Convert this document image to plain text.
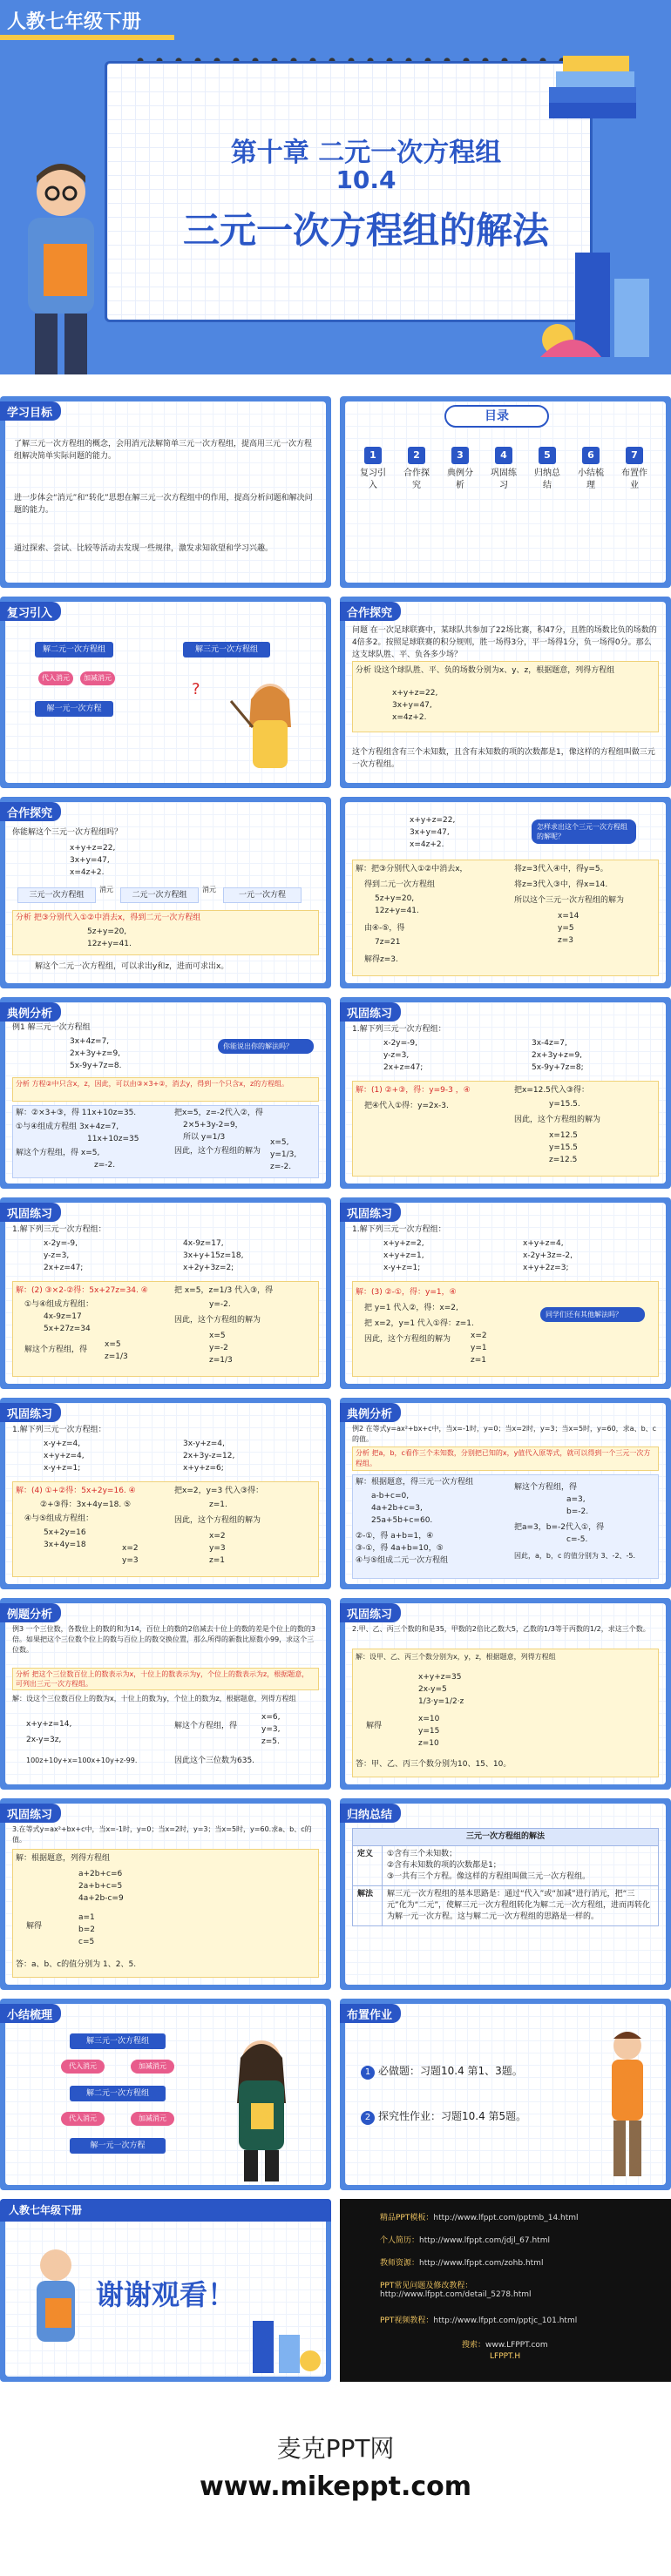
人教七年级下册
第十章 二元一次方程组
10.4
三元一次方程组的解法
学习目标
了解三元一次方程组的概念，会用消元法解简单三元一次方程组，提高用三元一次方程组解决简单实际问题的能力。
进一步体会“消元”和“转化”思想在解三元一次方程组中的作用，提高分析问题和解决问题的能力。
通过探索、尝试、比较等活动去发现一些规律，激发求知欲望和学习兴趣。
目录
1
复习引入
2
合作探究
3
典例分析
4
巩固练习
5
归纳总结
6
小结梳理
7
布置作业
复习引入
解二元一次方程组	解三元一次方程组
代入消元	加减消元
解一元一次方程
?
合作探究
问题 在一次足球联赛中，某球队共参加了22场比赛，积47分，且胜的场数比负的场数的4倍多2。按照足球联赛的积分规则，胜一场得3分，平一场得1分，负一场得0分。那么这支球队胜、平、负各多少场？
分析 设这个球队胜、平、负的场数分别为x、y、z，根据题意，列得方程组
x+y+z=22,
3x+y=47,
x=4z+2.
这个方程组含有三个未知数，且含有未知数的项的次数都是1，像这样的方程组叫做三元一次方程组。
合作探究
你能解这个三元一次方程组吗？
x+y+z=22,
3x+y=47,
x=4z+2.
三元一次方程组
消元
二元一次方程组
消元
一元一次方程
分析 把③分别代入①②中消去x，得到二元一次方程组
5z+y=20,
12z+y=41.
解这个二元一次方程组，可以求出y和z，进而可求出x。
x+y+z=22,
3x+y=47,
x=4z+2.
怎样求出这个三元一次方程组的解呢？
解：把③分别代入①②中消去x，
得到二元一次方程组
5z+y=20,
12z+y=41.
由④-⑤，得
7z=21
解得z=3.
将z=3代入④中，得y=5。
将z=3代入③中，得x=14.
所以这个三元一次方程组的解为
x=14
y=5
z=3
典例分析
例1 解三元一次方程组
3x+4z=7,
2x+3y+z=9,
5x-9y+7z=8.
你能说出你的解法吗？
分析 方程②中只含x，z，因此，可以由③×3+②，消去y，得到一个只含x，z的方程组。
解：②×3+③，得 11x+10z=35.
①与④组成方程组 3x+4z=7,
11x+10z=35
解这个方程组，得 x=5,
z=-2.
把x=5，z=-2代入②，得
2×5+3y-2=9，
所以 y=1/3
因此，这个方程组的解为
x=5,
y=1/3,
z=-2.
巩固练习
1.解下列三元一次方程组：
x-2y=-9,
y-z=3,
2x+z=47;
3x-4z=7,
2x+3y+z=9,
5x-9y+7z=8;
解：(1) ②+③，得：y=9-3 ，④
把④代入①得：y=2x-3.
把x=12.5代入③得：
y=15.5.
因此，这个方程组的解为
x=12.5
y=15.5
z=12.5
巩固练习
1.解下列三元一次方程组：
x-2y=-9,
y-z=3,
2x+z=47;
4x-9z=17,
3x+y+15z=18,
x+2y+3z=2;
解：(2) ③×2-②得：5x+27z=34. ④
①与④组成方程组：
4x-9z=17
5x+27z=34
解这个方程组，得
x=5
z=1/3
把 x=5，z=1/3 代入③，得
y=-2.
因此，这个方程组的解为
x=5
y=-2
z=1/3
巩固练习
1.解下列三元一次方程组：
x+y+z=2,
x+y+z=1,
x-y+z=1;
x+y+z=4,
x-2y+3z=-2,
x+y+2z=3;
解：(3) ②-①，得：y=1，④
把 y=1 代入②，得：x=2,
把 x=2，y=1 代入①得：z=1.
因此，这个方程组的解为	x=2
y=1
z=1
同学们还有其他解法吗？
巩固练习
1.解下列三元一次方程组：
x-y+z=4,
x+y+z=4,
x-y+z=1;
3x-y+z=4,
2x+3y-z=12,
x+y+z=6;
解：(4) ①+②得：5x+2y=16. ④
②+③得：3x+4y=18. ⑤
④与⑤组成方程组：
5x+2y=16
3x+4y=18	x=2
y=3
把x=2，y=3 代入③得：
z=1.
因此，这个方程组的解为
x=2
y=3
z=1
典例分析
例2 在等式y=ax²+bx+c中，当x=-1时，y=0；当x=2时，y=3；当x=5时，y=60，求a、b、c的值。
分析 把a，b，c看作三个未知数，分别把已知的x，y值代入原等式，就可以得到一个三元一次方程组。
解：根据题意，得三元一次方程组
a-b+c=0,
4a+2b+c=3,
25a+5b+c=60.
②-①，得 a+b=1，④
③-①，得 4a+b=10，⑤
④与⑤组成二元一次方程组
解这个方程组，得
a=3,
b=-2.
把a=3，b=-2代入①，得
c=-5.
因此，a，b，c 的值分别为 3、-2、-5.
例题分析
例3 一个三位数，各数位上的数的和为14，百位上的数的2倍减去十位上的数的差是个位上的数的3倍。如果把这个三位数个位上的数与百位上的数交换位置，那么所得的新数比原数小99，求这个三位数。
分析 把这个三位数百位上的数表示为x，十位上的数表示为y，个位上的数表示为z，根据题意，可列出三元一次方程组。
解：设这个三位数百位上的数为x，十位上的数为y，个位上的数为z，根据题意，列得方程组
x+y+z=14,
2x-y=3z,
100z+10y+x=100x+10y+z-99.
解这个方程组，得
x=6,
y=3,
z=5.
因此这个三位数为635.
巩固练习
2.甲、乙、丙三个数的和是35，甲数的2倍比乙数大5，乙数的1/3等于丙数的1/2，求这三个数。
解：设甲、乙、丙三个数分别为x，y，z，根据题意，列得方程组
x+y+z=35
2x-y=5
1/3·y=1/2·z
解得
x=10
y=15
z=10
答：甲、乙、丙三个数分别为10、15、10。
巩固练习
3.在等式y=ax²+bx+c中，当x=-1时，y=0；当x=2时，y=3；当x=5时，y=60.求a、b、c的值。
解：根据题意，列得方程组
a+2b+c=6
2a+b+c=5
4a+2b-c=9
解得
a=1
b=2
c=5
答：a、b、c的值分别为 1、2、5.
归纳总结
三元一次方程组的解法	
定义	①含有三个未知数；
②含有未知数的项的次数都是1；
③一共有三个方程。像这样的方程组叫做三元一次方程组。

解法	解三元一次方程组的基本思路是：通过“代入”或“加减”进行消元，把“三元”化为“二元”，使解三元一次方程组转化为解二元一次方程组，进而再转化为解一元一次方程。这与解二元一次方程组的思路是一样的。
小结梳理
解三元一次方程组
代入消元	加减消元
解二元一次方程组
代入消元	加减消元
解一元一次方程
布置作业
1 必做题：习题10.4 第1、3题。
2 探究性作业：习题10.4 第5题。
人教七年级下册
谢谢观看！
精品PPT模板：http://www.lfppt.com/pptmb_14.html
个人简历：http://www.lfppt.com/jdjl_67.html
教师资源：http://www.lfppt.com/zohb.html
PPT常见问题及修改教程：
http://www.lfppt.com/detail_5278.html
PPT视频教程：http://www.lfppt.com/pptjc_101.html
搜索：www.LFPPT.com
LFPPT.H
麦克PPT网
www.mikeppt.com
